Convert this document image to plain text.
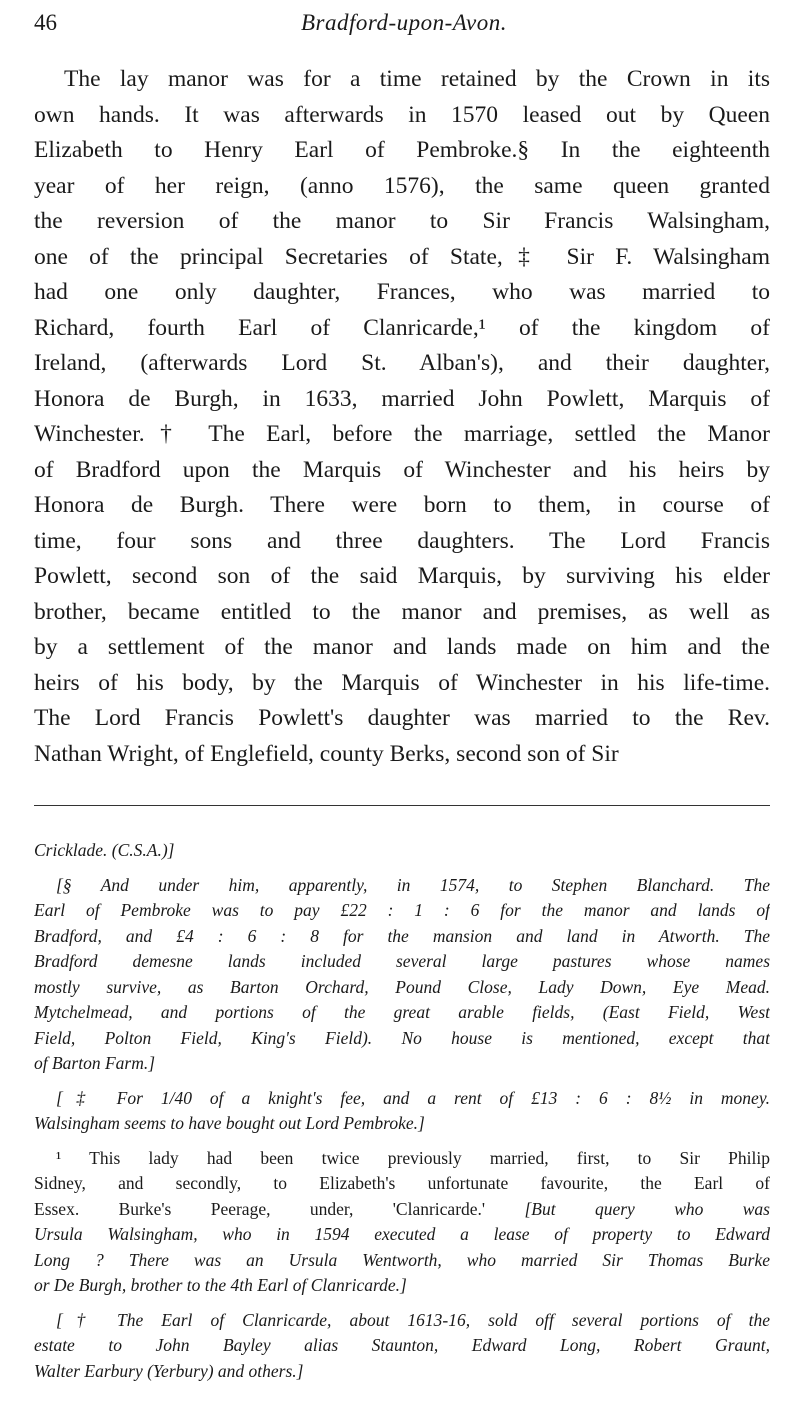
46	Bradford-upon-Avon.
The lay manor was for a time retained by the Crown in its
own hands. It was afterwards in 1570 leased out by Queen
Elizabeth to Henry Earl of Pembroke.§ In the eighteenth
year of her reign, (anno 1576), the same queen granted
the reversion of the manor to Sir Francis Walsingham,
one of the principal Secretaries of State,‡ Sir F. Walsingham
had one only daughter, Frances, who was married to
Richard, fourth Earl of Clanricarde,¹ of the kingdom of
Ireland, (afterwards Lord St. Alban's), and their daughter,
Honora de Burgh, in 1633, married John Powlett, Marquis of
Winchester.† The Earl, before the marriage, settled the Manor
of Bradford upon the Marquis of Winchester and his heirs by
Honora de Burgh. There were born to them, in course of
time, four sons and three daughters. The Lord Francis
Powlett, second son of the said Marquis, by surviving his elder
brother, became entitled to the manor and premises, as well as
by a settlement of the manor and lands made on him and the
heirs of his body, by the Marquis of Winchester in his life-time.
The Lord Francis Powlett's daughter was married to the Rev.
Nathan Wright, of Englefield, county Berks, second son of Sir
Cricklade. (C.S.A.)]
[§ And under him, apparently, in 1574, to Stephen Blanchard. The
Earl of Pembroke was to pay £22 : 1 : 6 for the manor and lands of
Bradford, and £4 : 6 : 8 for the mansion and land in Atworth. The
Bradford demesne lands included several large pastures whose names
mostly survive, as Barton Orchard, Pound Close, Lady Down, Eye Mead.
Mytchelmead, and portions of the great arable fields, (East Field, West
Field, Polton Field, King's Field). No house is mentioned, except that
of Barton Farm.]
[‡ For 1/40 of a knight's fee, and a rent of £13 : 6 : 8½ in money.
Walsingham seems to have bought out Lord Pembroke.]
¹ This lady had been twice previously married, first, to Sir Philip
Sidney, and secondly, to Elizabeth's unfortunate favourite, the Earl of
Essex. Burke's Peerage, under, 'Clanricarde.' [But query who was
Ursula Walsingham, who in 1594 executed a lease of property to Edward
Long ? There was an Ursula Wentworth, who married Sir Thomas Burke
or De Burgh, brother to the 4th Earl of Clanricarde.]
[† The Earl of Clanricarde, about 1613-16, sold off several portions of the
estate to John Bayley alias Staunton, Edward Long, Robert Graunt,
Walter Earbury (Yerbury) and others.]
